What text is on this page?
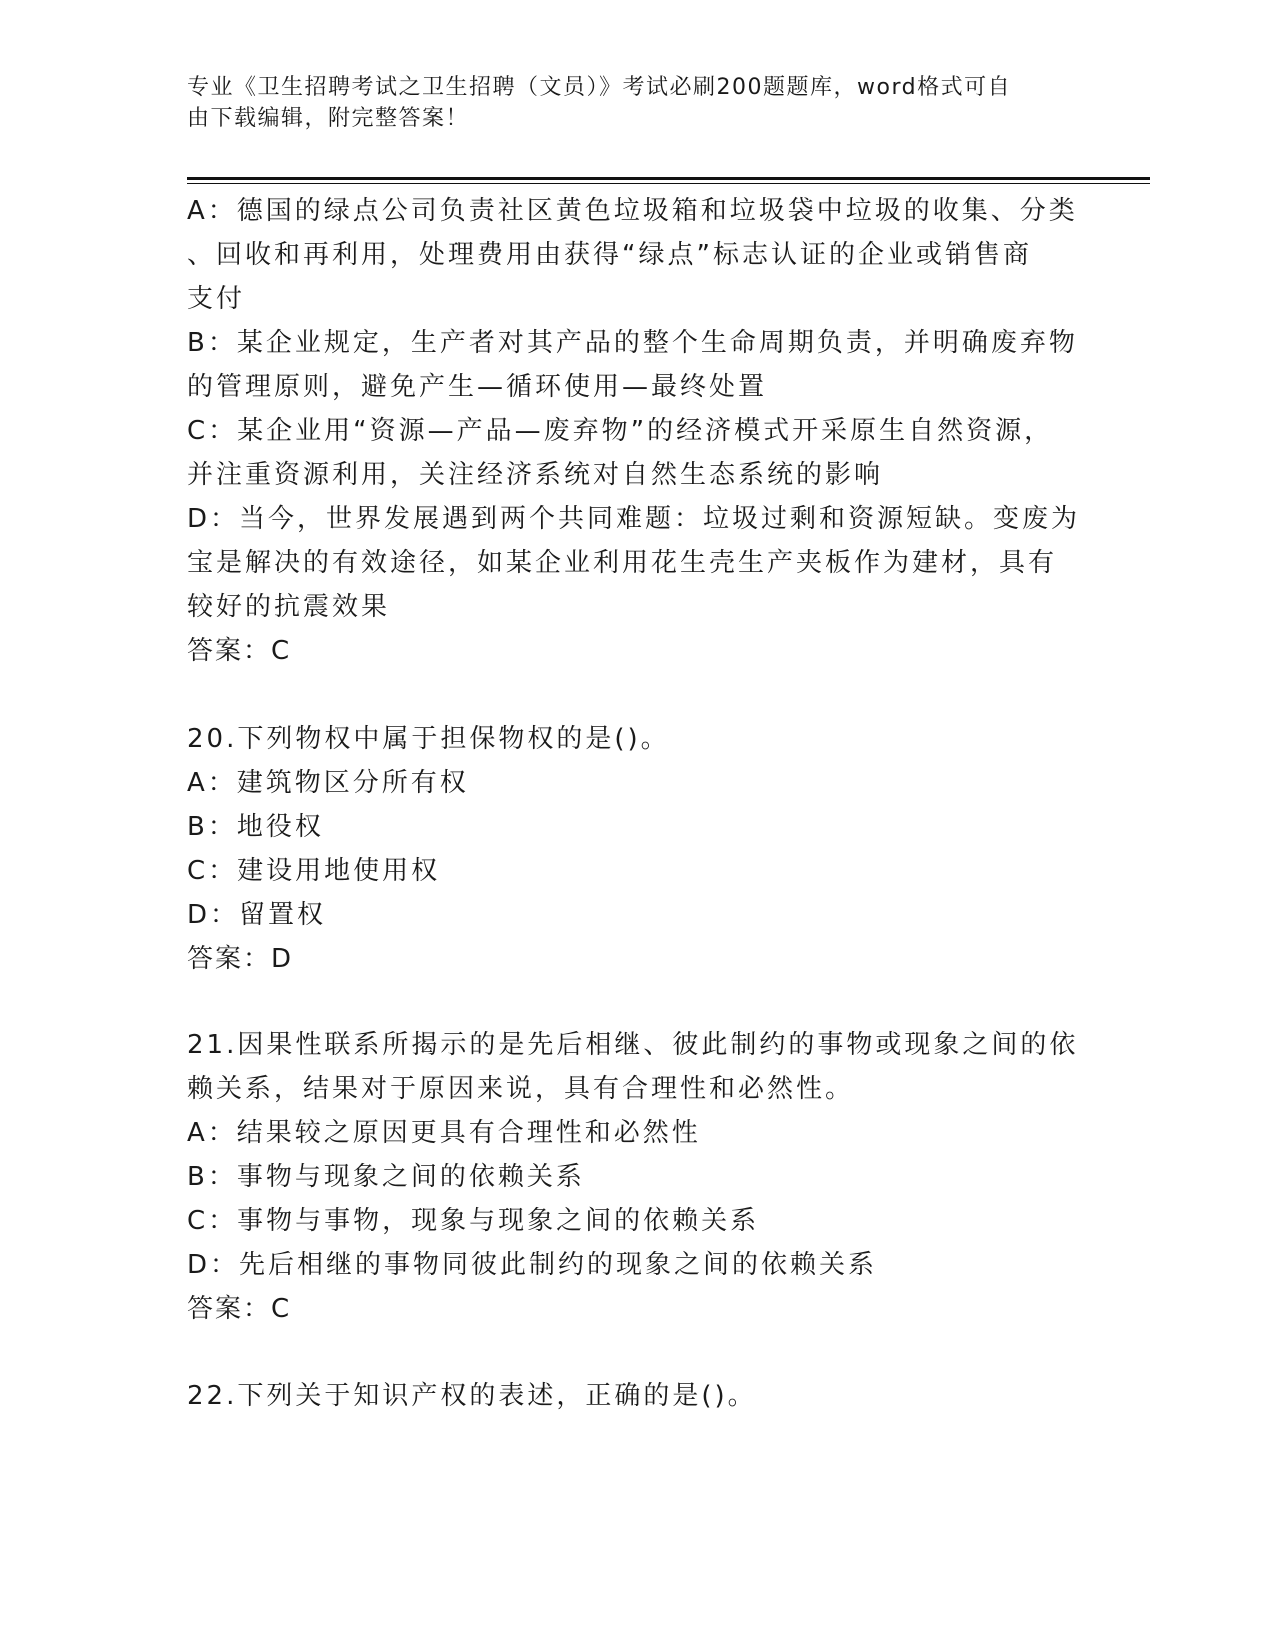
专业《卫生招聘考试之卫生招聘（文员）》考试必刷200题题库，word格式可自
由下载编辑，附完整答案！
A：德国的绿点公司负责社区黄色垃圾箱和垃圾袋中垃圾的收集、分类
、回收和再利用，处理费用由获得“绿点”标志认证的企业或销售商
支付
B：某企业规定，生产者对其产品的整个生命周期负责，并明确废弃物
的管理原则，避免产生—循环使用—最终处置
C：某企业用“资源—产品—废弃物”的经济模式开采原生自然资源，
并注重资源利用，关注经济系统对自然生态系统的影响
D：当今，世界发展遇到两个共同难题：垃圾过剩和资源短缺。变废为
宝是解决的有效途径，如某企业利用花生壳生产夹板作为建材，具有
较好的抗震效果
答案：C
20.下列物权中属于担保物权的是()。
A：建筑物区分所有权
B：地役权
C：建设用地使用权
D：留置权
答案：D
21.因果性联系所揭示的是先后相继、彼此制约的事物或现象之间的依
赖关系，结果对于原因来说，具有合理性和必然性。
A：结果较之原因更具有合理性和必然性
B：事物与现象之间的依赖关系
C：事物与事物，现象与现象之间的依赖关系
D：先后相继的事物同彼此制约的现象之间的依赖关系
答案：C
22.下列关于知识产权的表述，正确的是()。
